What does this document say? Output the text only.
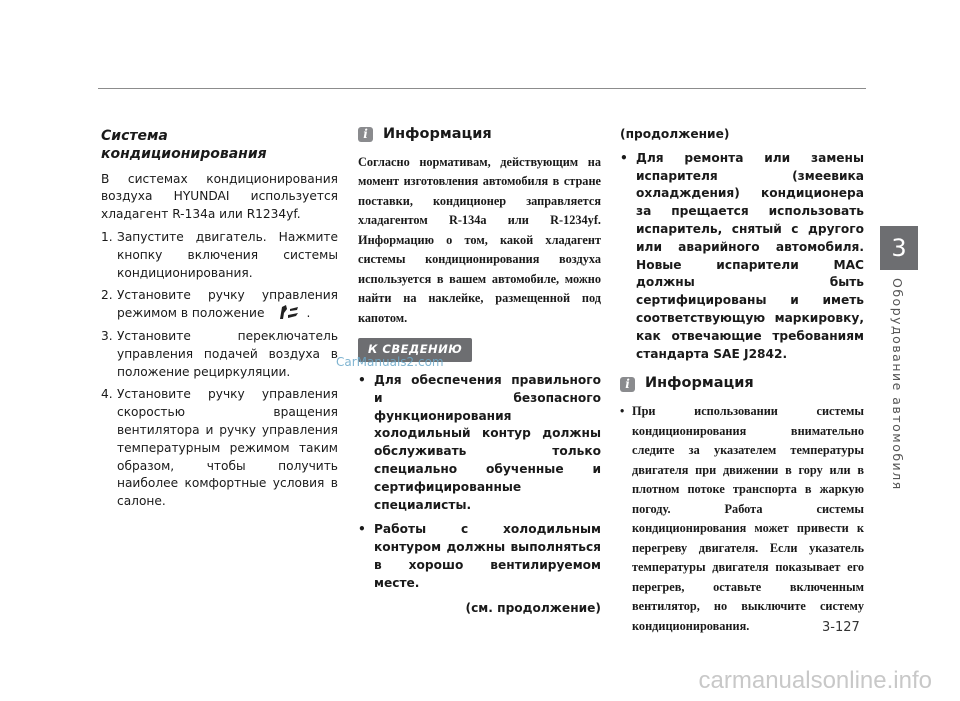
3
Оборудование автомобиля
Система кондиционирования

В системах кондиционирования воздуха HYUNDAI используется хладагент R-134a или R1234yf.

1. Запустите двигатель. Нажмите кнопку включения системы кондиционирования.
2. Установите ручку управления режимом в положение	.
3. Установите переключатель управления подачей воздуха в положение рециркуляции.
4. Установите ручку управления скоростью вращения вентилятора и ручку управления температурным режимом таким образом, чтобы получить наиболее комфортные условия в салоне.
i	Информация
Согласно нормативам, действующим на момент изготовления автомобиля в стране поставки, кондиционер заправляется хладагентом R-134a или R-1234yf. Информацию о том, какой хладагент системы кондиционирования воздуха используется в вашем автомобиле, можно найти на наклейке, размещенной под капотом.
К СВЕДЕНИЮ
• Для обеспечения правильного и безопасного функционирования холодильный контур должны обслуживать только специально обученные и сертифицированные специалисты.
• Работы с холодильным контуром должны выполняться в хорошо вентилируемом месте.
(см. продолжение)
(продолжение)
• Для ремонта или замены испарителя (змеевика охладждения) кондиционера за прещается использовать испаритель, снятый с другого или аварийного автомобиля. Новые испарители MAC должны быть сертифицированы и иметь соответствующую маркировку, как отвечающие требованиям стандарта SAE J2842.
i	Информация
• При использовании системы кондиционирования внимательно следите за указателем температуры двигателя при движении в гору или в плотном потоке транспорта в жаркую погоду. Работа системы кондиционирования может привести к перегреву двигателя. Если указатель температуры двигателя показывает его перегрев, оставьте включенным вентилятор, но выключите систему кондиционирования.
CarManuals2.com
3-127
carmanualsonline.info
